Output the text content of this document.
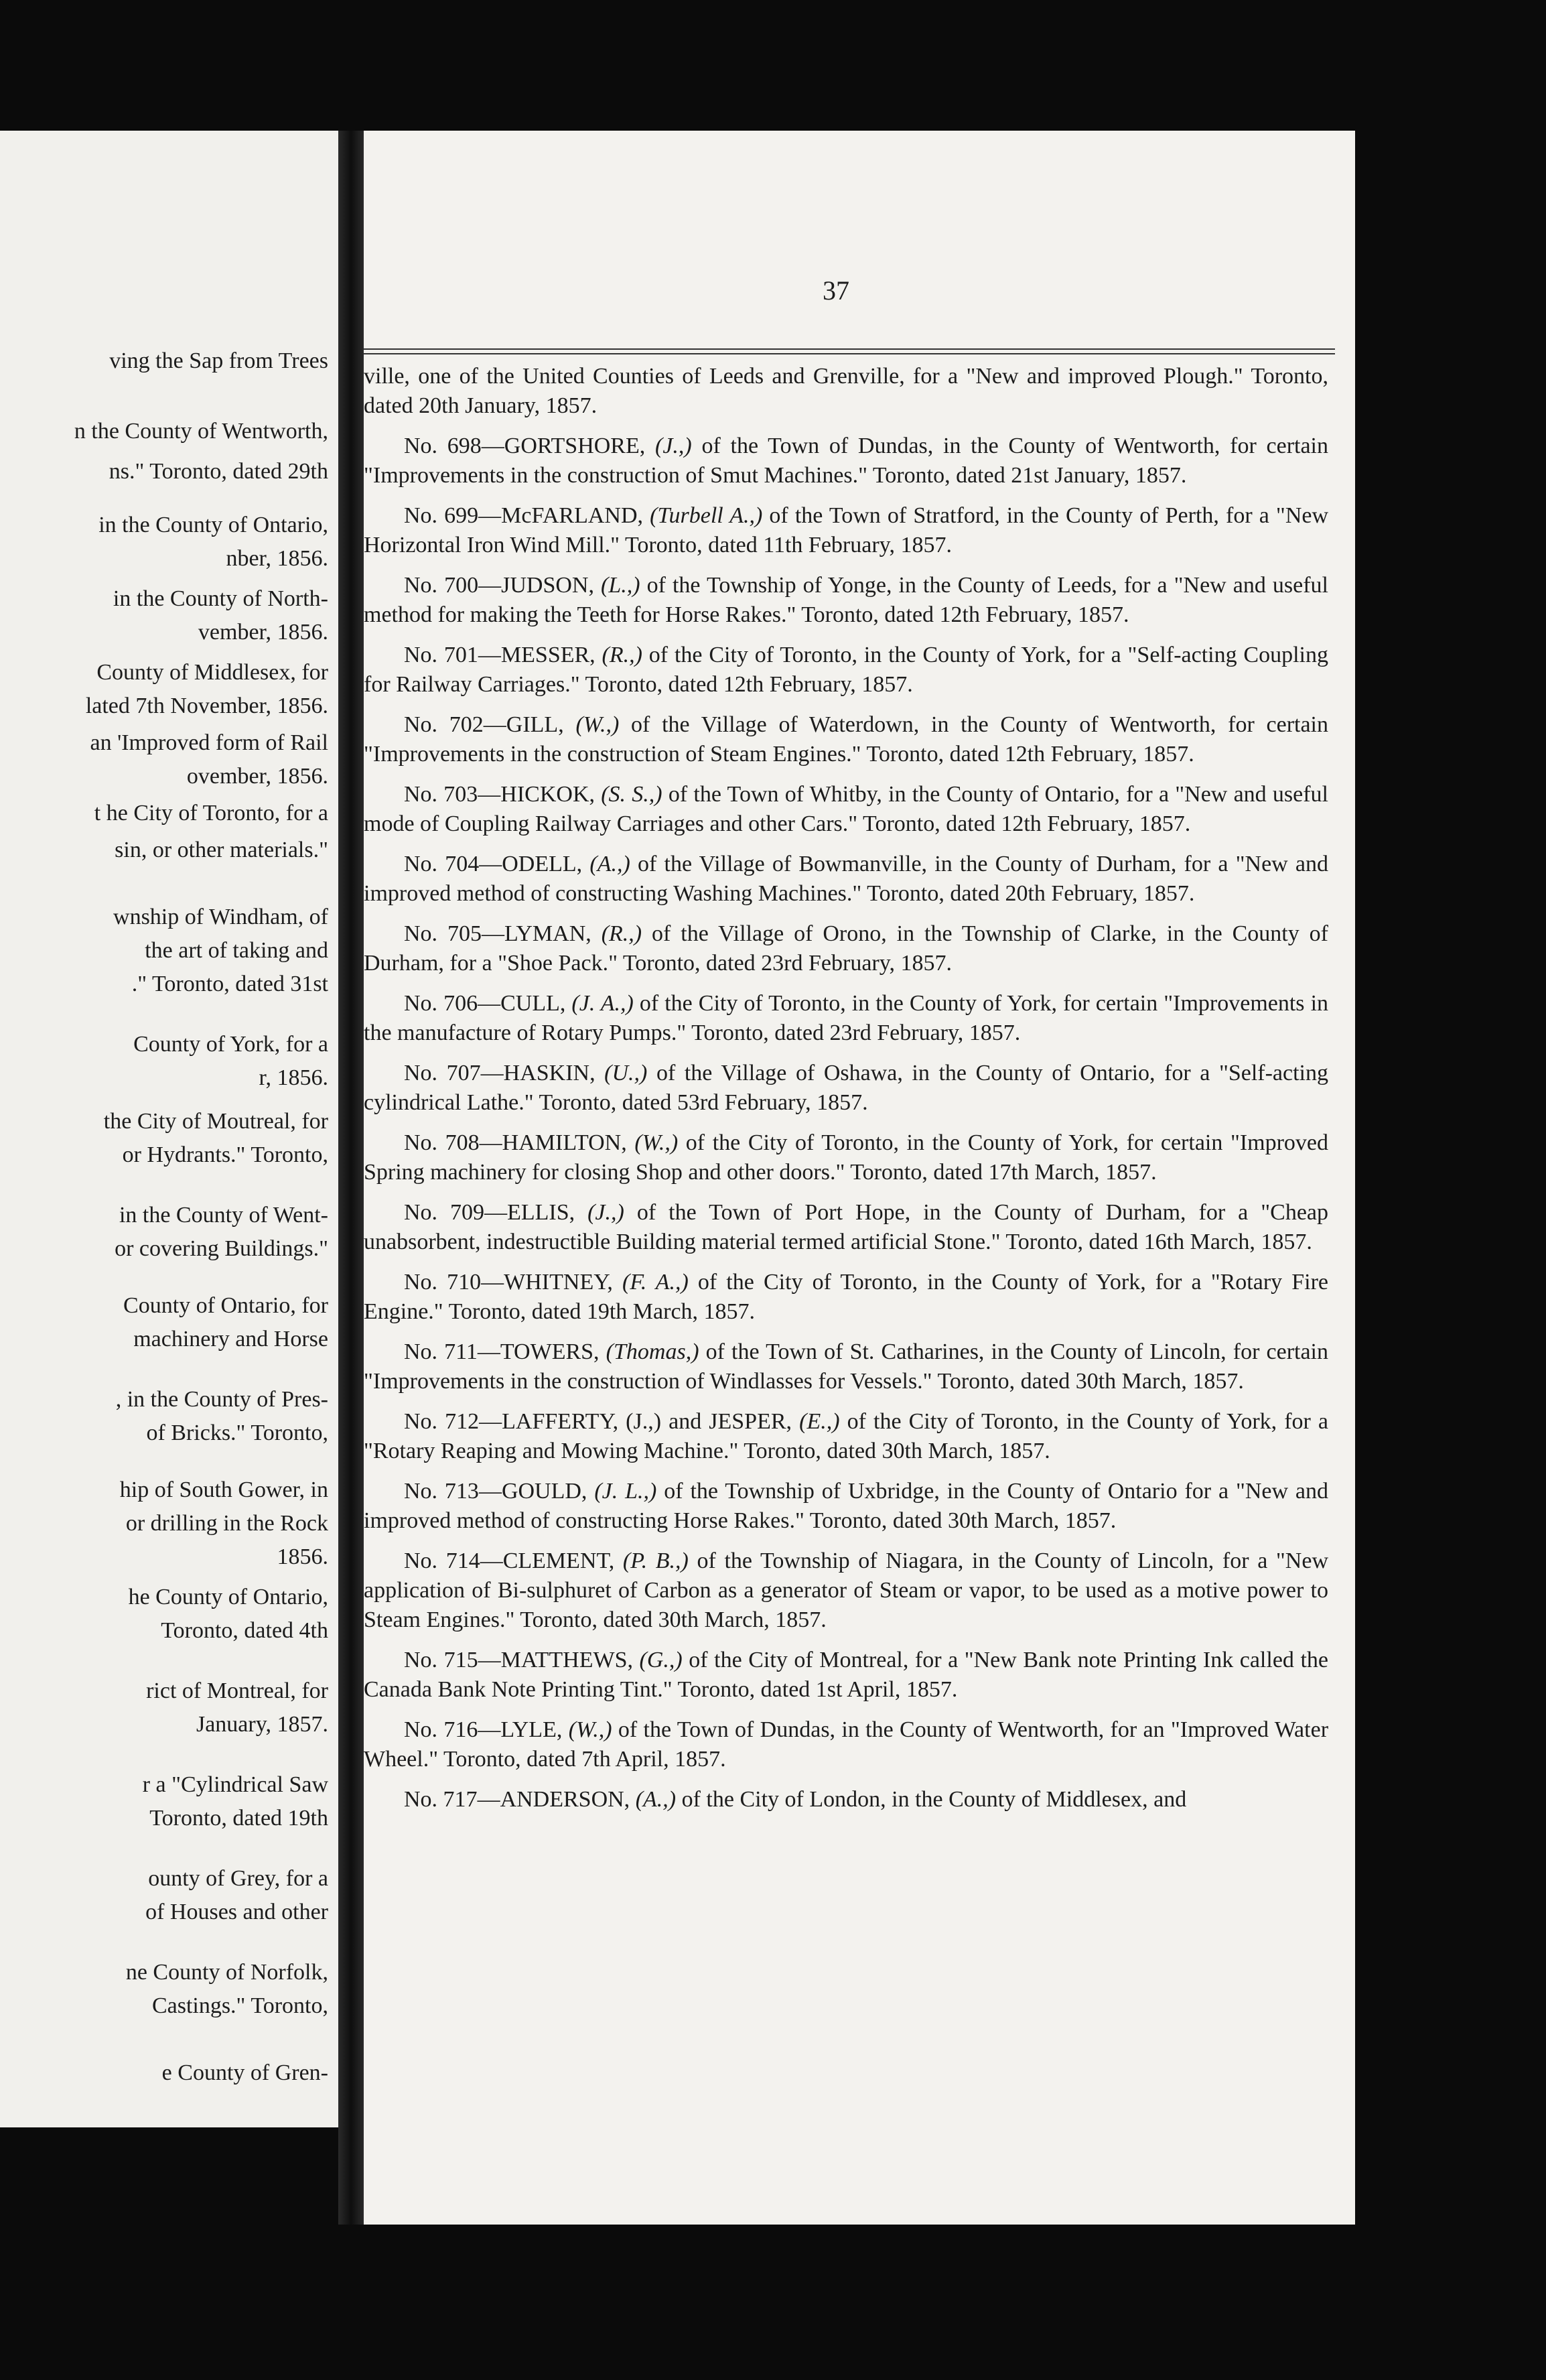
ving the Sap from Trees
n the County of Wentworth,
ns." Toronto, dated 29th
in the County of Ontario,
nber, 1856.
in the County of North-
vember, 1856.
County of Middlesex, for
lated 7th November, 1856.
an 'Improved form of Rail
ovember, 1856.
t he City of Toronto, for a
sin, or other materials."
wnship of Windham, of
the art of taking and
." Toronto, dated 31st
County of York, for a
r, 1856.
the City of Moutreal, for
or Hydrants." Toronto,
in the County of Went-
or covering Buildings."
County of Ontario, for
machinery and Horse
, in the County of Pres-
of Bricks." Toronto,
hip of South Gower, in
or drilling in the Rock
1856.
he County of Ontario,
Toronto, dated 4th
rict of Montreal, for
January, 1857.
r a "Cylindrical Saw
Toronto, dated 19th
ounty of Grey, for a
of Houses and other
ne County of Norfolk,
Castings." Toronto,
e County of Gren-
37

ville, one of the United Counties of Leeds and Grenville, for a "New and improved Plough." Toronto, dated 20th January, 1857.

No. 698—GORTSHORE, (J.,) of the Town of Dundas, in the County of Wentworth, for certain "Improvements in the construction of Smut Machines." Toronto, dated 21st January, 1857.

No. 699—McFARLAND, (Turbell A.,) of the Town of Stratford, in the County of Perth, for a "New Horizontal Iron Wind Mill." Toronto, dated 11th February, 1857.

No. 700—JUDSON, (L.,) of the Township of Yonge, in the County of Leeds, for a "New and useful method for making the Teeth for Horse Rakes." Toronto, dated 12th February, 1857.

No. 701—MESSER, (R.,) of the City of Toronto, in the County of York, for a "Self-acting Coupling for Railway Carriages." Toronto, dated 12th February, 1857.

No. 702—GILL, (W.,) of the Village of Waterdown, in the County of Wentworth, for certain "Improvements in the construction of Steam Engines." Toronto, dated 12th February, 1857.

No. 703—HICKOK, (S. S.,) of the Town of Whitby, in the County of Ontario, for a "New and useful mode of Coupling Railway Carriages and other Cars." Toronto, dated 12th February, 1857.

No. 704—ODELL, (A.,) of the Village of Bowmanville, in the County of Durham, for a "New and improved method of constructing Washing Machines." Toronto, dated 20th February, 1857.

No. 705—LYMAN, (R.,) of the Village of Orono, in the Township of Clarke, in the County of Durham, for a "Shoe Pack." Toronto, dated 23rd February, 1857.

No. 706—CULL, (J. A.,) of the City of Toronto, in the County of York, for certain "Improvements in the manufacture of Rotary Pumps." Toronto, dated 23rd February, 1857.

No. 707—HASKIN, (U.,) of the Village of Oshawa, in the County of Ontario, for a "Self-acting cylindrical Lathe." Toronto, dated 53rd February, 1857.

No. 708—HAMILTON, (W.,) of the City of Toronto, in the County of York, for certain "Improved Spring machinery for closing Shop and other doors." Toronto, dated 17th March, 1857.

No. 709—ELLIS, (J.,) of the Town of Port Hope, in the County of Durham, for a "Cheap unabsorbent, indestructible Building material termed artificial Stone." Toronto, dated 16th March, 1857.

No. 710—WHITNEY, (F. A.,) of the City of Toronto, in the County of York, for a "Rotary Fire Engine." Toronto, dated 19th March, 1857.

No. 711—TOWERS, (Thomas,) of the Town of St. Catharines, in the County of Lincoln, for certain "Improvements in the construction of Windlasses for Vessels." Toronto, dated 30th March, 1857.

No. 712—LAFFERTY, (J.,) and JESPER, (E.,) of the City of Toronto, in the County of York, for a "Rotary Reaping and Mowing Machine." Toronto, dated 30th March, 1857.

No. 713—GOULD, (J. L.,) of the Township of Uxbridge, in the County of Ontario for a "New and improved method of constructing Horse Rakes." Toronto, dated 30th March, 1857.

No. 714—CLEMENT, (P. B.,) of the Township of Niagara, in the County of Lincoln, for a "New application of Bi-sulphuret of Carbon as a generator of Steam or vapor, to be used as a motive power to Steam Engines." Toronto, dated 30th March, 1857.

No. 715—MATTHEWS, (G.,) of the City of Montreal, for a "New Bank note Printing Ink called the Canada Bank Note Printing Tint." Toronto, dated 1st April, 1857.

No. 716—LYLE, (W.,) of the Town of Dundas, in the County of Wentworth, for an "Improved Water Wheel." Toronto, dated 7th April, 1857.

No. 717—ANDERSON, (A.,) of the City of London, in the County of Middlesex, and
